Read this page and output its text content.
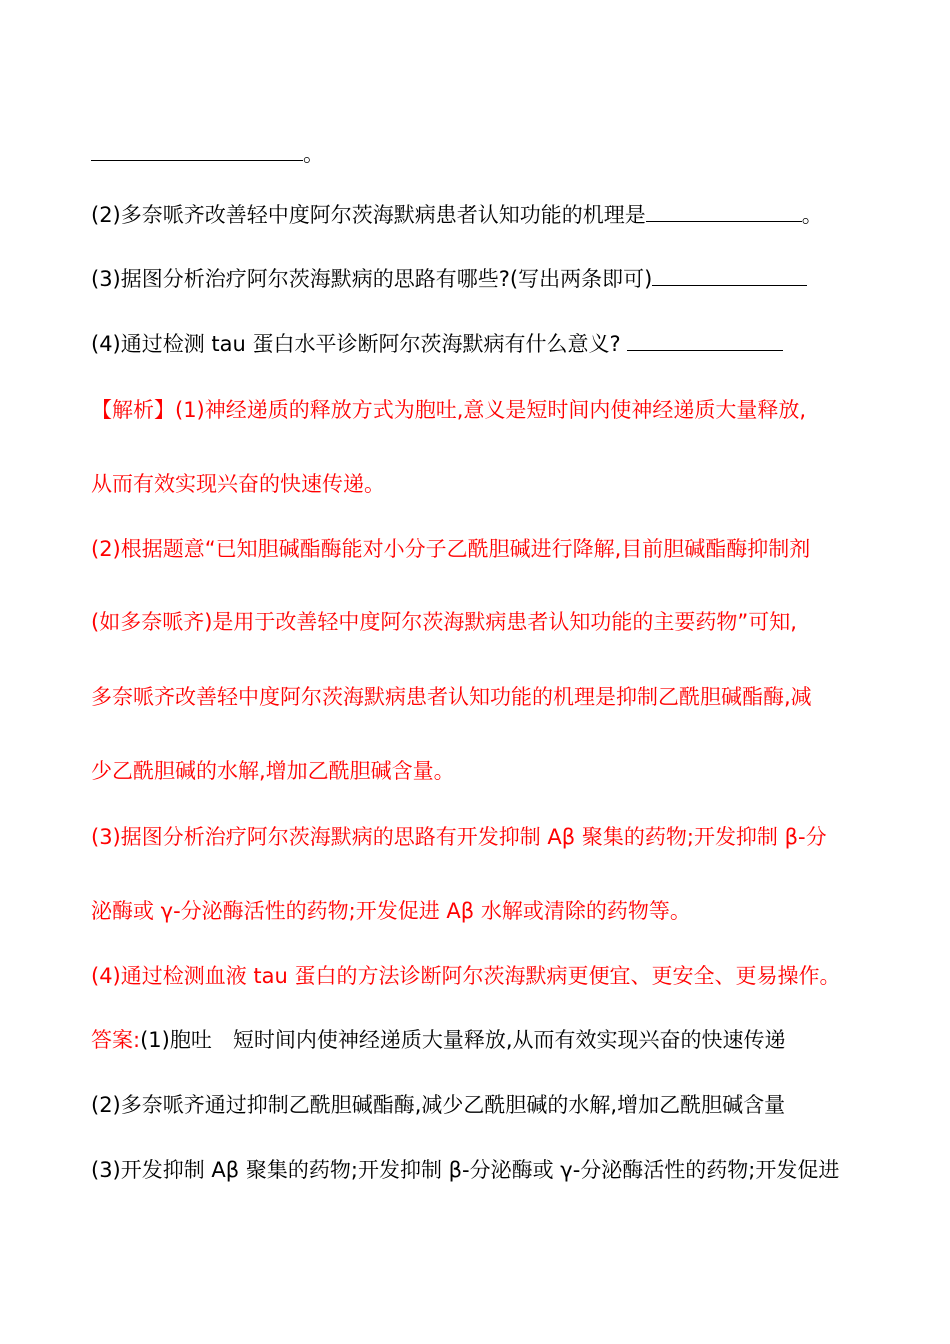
。
(2)多奈哌齐改善轻中度阿尔茨海默病患者认知功能的机理是	。
(3)据图分析治疗阿尔茨海默病的思路有哪些?(写出两条即可)
(4)通过检测 tau 蛋白水平诊断阿尔茨海默病有什么意义?
【解析】(1)神经递质的释放方式为胞吐,意义是短时间内使神经递质大量释放,
从而有效实现兴奋的快速传递。
(2)根据题意“已知胆碱酯酶能对小分子乙酰胆碱进行降解,目前胆碱酯酶抑制剂
(如多奈哌齐)是用于改善轻中度阿尔茨海默病患者认知功能的主要药物”可知,
多奈哌齐改善轻中度阿尔茨海默病患者认知功能的机理是抑制乙酰胆碱酯酶,减
少乙酰胆碱的水解,增加乙酰胆碱含量。
(3)据图分析治疗阿尔茨海默病的思路有开发抑制 Aβ 聚集的药物;开发抑制 β-分
泌酶或 γ-分泌酶活性的药物;开发促进 Aβ 水解或清除的药物等。
(4)通过检测血液 tau 蛋白的方法诊断阿尔茨海默病更便宜、更安全、更易操作。
答案:(1)胞吐　短时间内使神经递质大量释放,从而有效实现兴奋的快速传递
(2)多奈哌齐通过抑制乙酰胆碱酯酶,减少乙酰胆碱的水解,增加乙酰胆碱含量
(3)开发抑制 Aβ 聚集的药物;开发抑制 β-分泌酶或 γ-分泌酶活性的药物;开发促进
